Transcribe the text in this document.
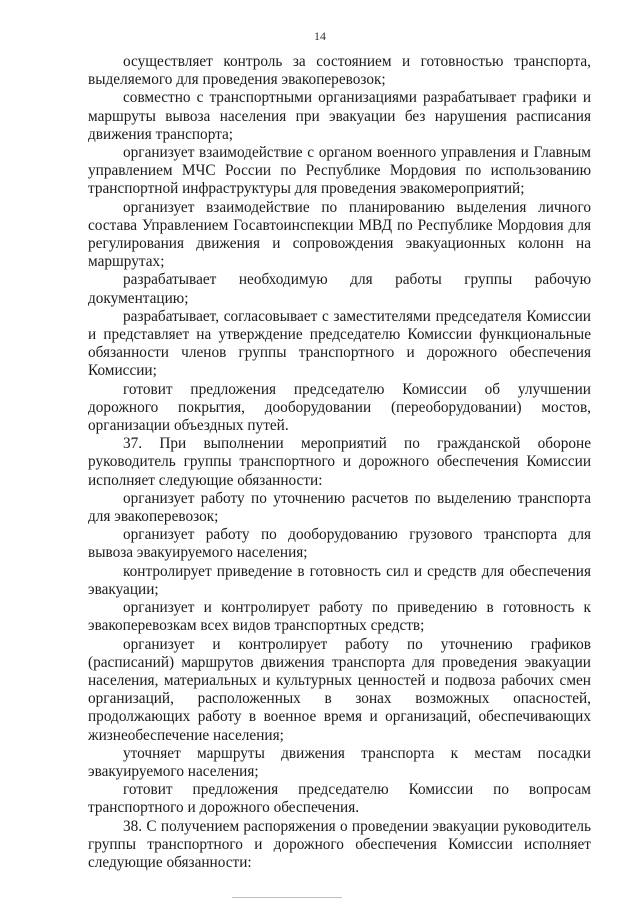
14

осуществляет контроль за состоянием и готовностью транспорта, выделяемого для проведения эвакоперевозок;

совместно с транспортными организациями разрабатывает графики и маршруты вывоза населения при эвакуации без нарушения расписания движения транспорта;

организует взаимодействие с органом военного управления и Главным управлением МЧС России по Республике Мордовия по использованию транспортной инфраструктуры для проведения эвакомероприятий;

организует взаимодействие по планированию выделения личного состава Управлением Госавтоинспекции МВД по Республике Мордовия для регулирования движения и сопровождения эвакуационных колонн на маршрутах;

разрабатывает необходимую для работы группы рабочую документацию;

разрабатывает, согласовывает с заместителями председателя Комиссии и представляет на утверждение председателю Комиссии функциональные обязанности членов группы транспортного и дорожного обеспечения Комиссии;

готовит предложения председателю Комиссии об улучшении дорожного покрытия, дооборудовании (переоборудовании) мостов, организации объездных путей.

37. При выполнении мероприятий по гражданской обороне руководитель группы транспортного и дорожного обеспечения Комиссии исполняет следующие обязанности:

организует работу по уточнению расчетов по выделению транспорта для эвакоперевозок;

организует работу по дооборудованию грузового транспорта для вывоза эвакуируемого населения;

контролирует приведение в готовность сил и средств для обеспечения эвакуации;

организует и контролирует работу по приведению в готовность к эвакоперевозкам всех видов транспортных средств;

организует и контролирует работу по уточнению графиков (расписаний) маршрутов движения транспорта для проведения эвакуации населения, материальных и культурных ценностей и подвоза рабочих смен организаций, расположенных в зонах возможных опасностей, продолжающих работу в военное время и организаций, обеспечивающих жизнеобеспечение населения;

уточняет маршруты движения транспорта к местам посадки эвакуируемого населения;

готовит предложения председателю Комиссии по вопросам транспортного и дорожного обеспечения.

38. С получением распоряжения о проведении эвакуации руководитель группы транспортного и дорожного обеспечения Комиссии исполняет следующие обязанности:
